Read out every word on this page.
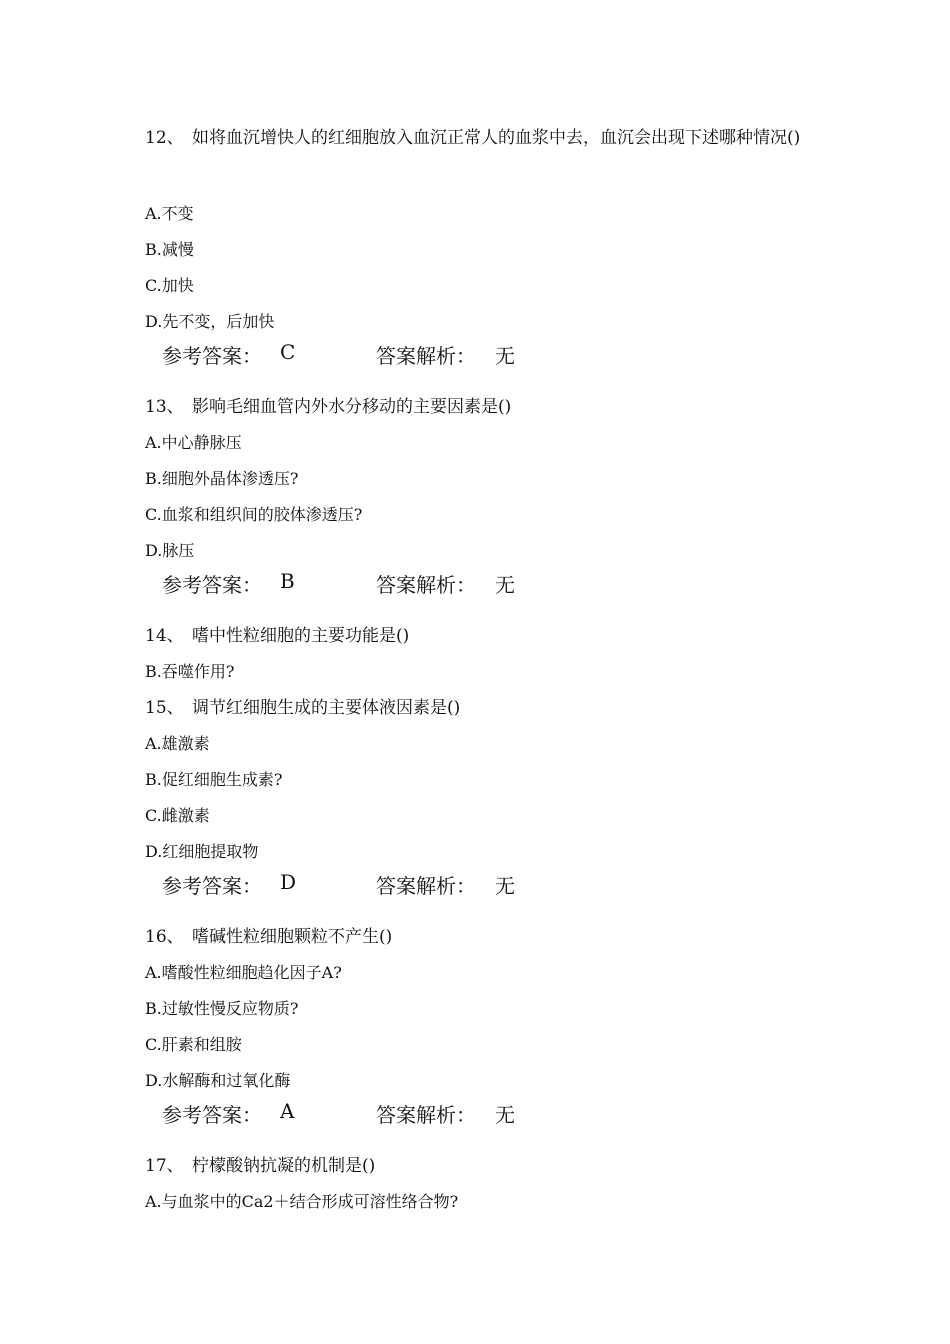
12、 如将血沉增快人的红细胞放入血沉正常人的血浆中去，血沉会出现下述哪种情况()
A.不变
B.减慢
C.加快
D.先不变，后加快
参考答案： C	答案解析： 无
13、 影响毛细血管内外水分移动的主要因素是()
A.中心静脉压
B.细胞外晶体渗透压?
C.血浆和组织间的胶体渗透压?
D.脉压
参考答案： B	答案解析： 无
14、 嗜中性粒细胞的主要功能是()
B.吞噬作用?
15、 调节红细胞生成的主要体液因素是()
A.雄激素
B.促红细胞生成素?
C.雌激素
D.红细胞提取物
参考答案： D	答案解析： 无
16、 嗜碱性粒细胞颗粒不产生()
A.嗜酸性粒细胞趋化因子A?
B.过敏性慢反应物质?
C.肝素和组胺
D.水解酶和过氧化酶
参考答案： A	答案解析： 无
17、 柠檬酸钠抗凝的机制是()
A.与血浆中的Ca2＋结合形成可溶性络合物?
